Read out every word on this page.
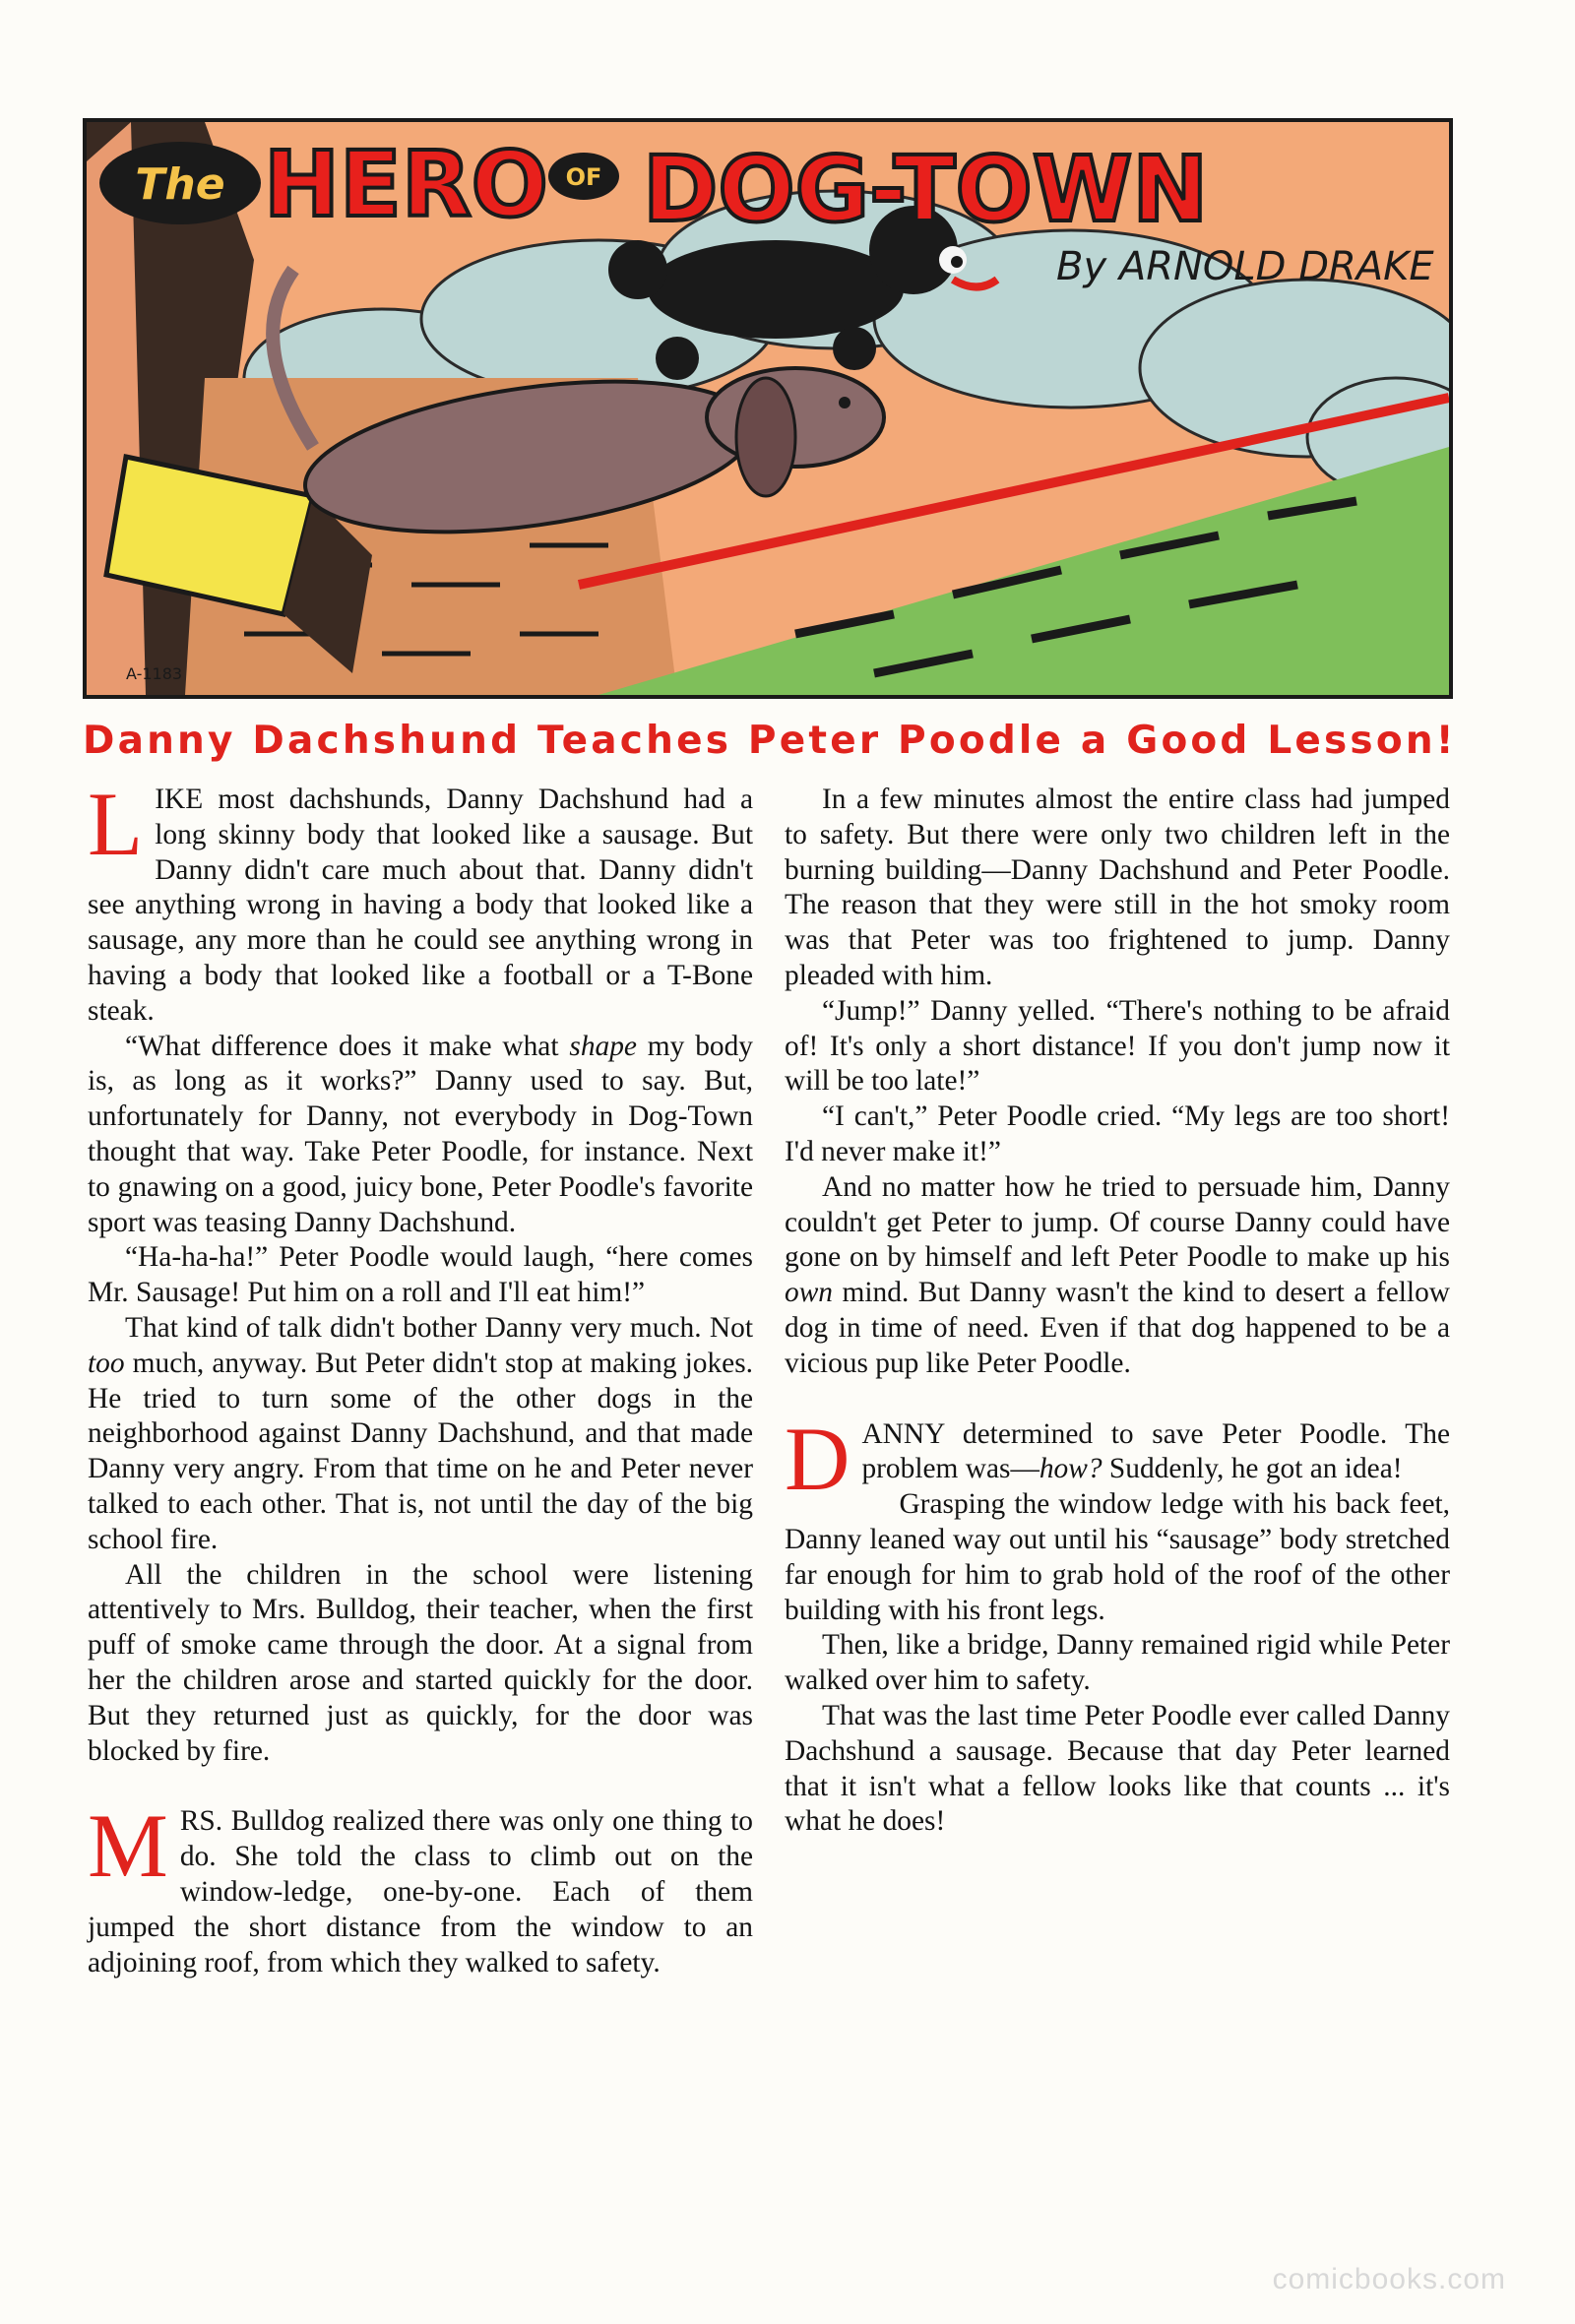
The HERO OF DOG-TOWN
By ARNOLD DRAKE
A-1183
Danny Dachshund Teaches Peter Poodle a Good Lesson!

LIKE most dachshunds, Danny Dachshund had a long skinny body that looked like a sausage. But Danny didn't care much about that. Danny didn't see anything wrong in having a body that looked like a sausage, any more than he could see anything wrong in having a body that looked like a football or a T-Bone steak.

“What difference does it make what shape my body is, as long as it works?” Danny used to say. But, unfortunately for Danny, not everybody in Dog-Town thought that way. Take Peter Poodle, for instance. Next to gnawing on a good, juicy bone, Peter Poodle's favorite sport was teasing Danny Dachshund.

“Ha-ha-ha!” Peter Poodle would laugh, “here comes Mr. Sausage! Put him on a roll and I'll eat him!”

That kind of talk didn't bother Danny very much. Not too much, anyway. But Peter didn't stop at making jokes. He tried to turn some of the other dogs in the neighborhood against Danny Dachshund, and that made Danny very angry. From that time on he and Peter never talked to each other. That is, not until the day of the big school fire.

All the children in the school were listening attentively to Mrs. Bulldog, their teacher, when the first puff of smoke came through the door. At a signal from her the children arose and started quickly for the door. But they returned just as quickly, for the door was blocked by fire.

MRS. Bulldog realized there was only one thing to do. She told the class to climb out on the window-ledge, one-by-one. Each of them jumped the short distance from the window to an adjoining roof, from which they walked to safety.

In a few minutes almost the entire class had jumped to safety. But there were only two children left in the burning building—Danny Dachshund and Peter Poodle. The reason that they were still in the hot smoky room was that Peter was too frightened to jump. Danny pleaded with him.

“Jump!” Danny yelled. “There's nothing to be afraid of! It's only a short distance! If you don't jump now it will be too late!”

“I can't,” Peter Poodle cried. “My legs are too short! I'd never make it!”

And no matter how he tried to persuade him, Danny couldn't get Peter to jump. Of course Danny could have gone on by himself and left Peter Poodle to make up his own mind. But Danny wasn't the kind to desert a fellow dog in time of need. Even if that dog happened to be a vicious pup like Peter Poodle.

DANNY determined to save Peter Poodle. The problem was—how? Suddenly, he got an idea!

Grasping the window ledge with his back feet, Danny leaned way out until his “sausage” body stretched far enough for him to grab hold of the roof of the other building with his front legs.

Then, like a bridge, Danny remained rigid while Peter walked over him to safety.

That was the last time Peter Poodle ever called Danny Dachshund a sausage. Because that day Peter learned that it isn't what a fellow looks like that counts ... it's what he does!

comicbooks.com
